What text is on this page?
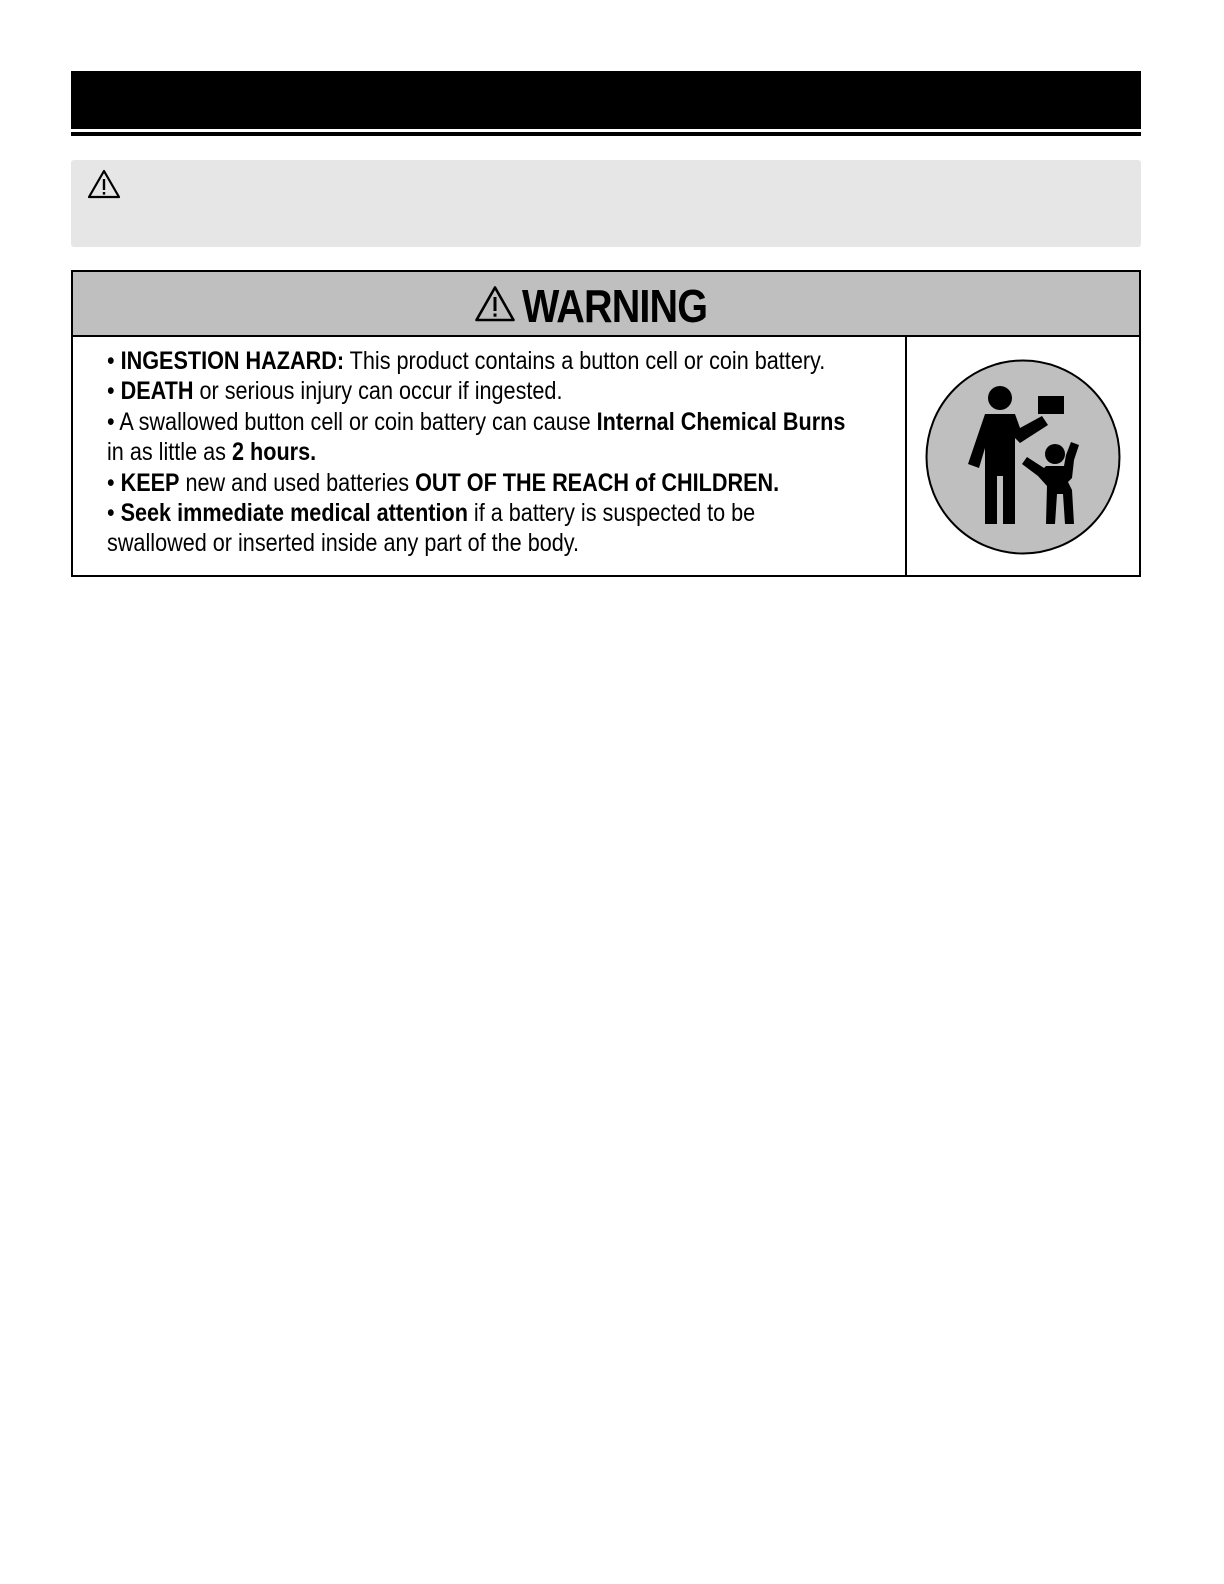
WARNING
• INGESTION HAZARD: This product contains a button cell or coin battery.
• DEATH or serious injury can occur if ingested.
• A swallowed button cell or coin battery can cause Internal Chemical Burns
in as little as 2 hours.
• KEEP new and used batteries OUT OF THE REACH of CHILDREN.
• Seek immediate medical attention if a battery is suspected to be
swallowed or inserted inside any part of the body.
